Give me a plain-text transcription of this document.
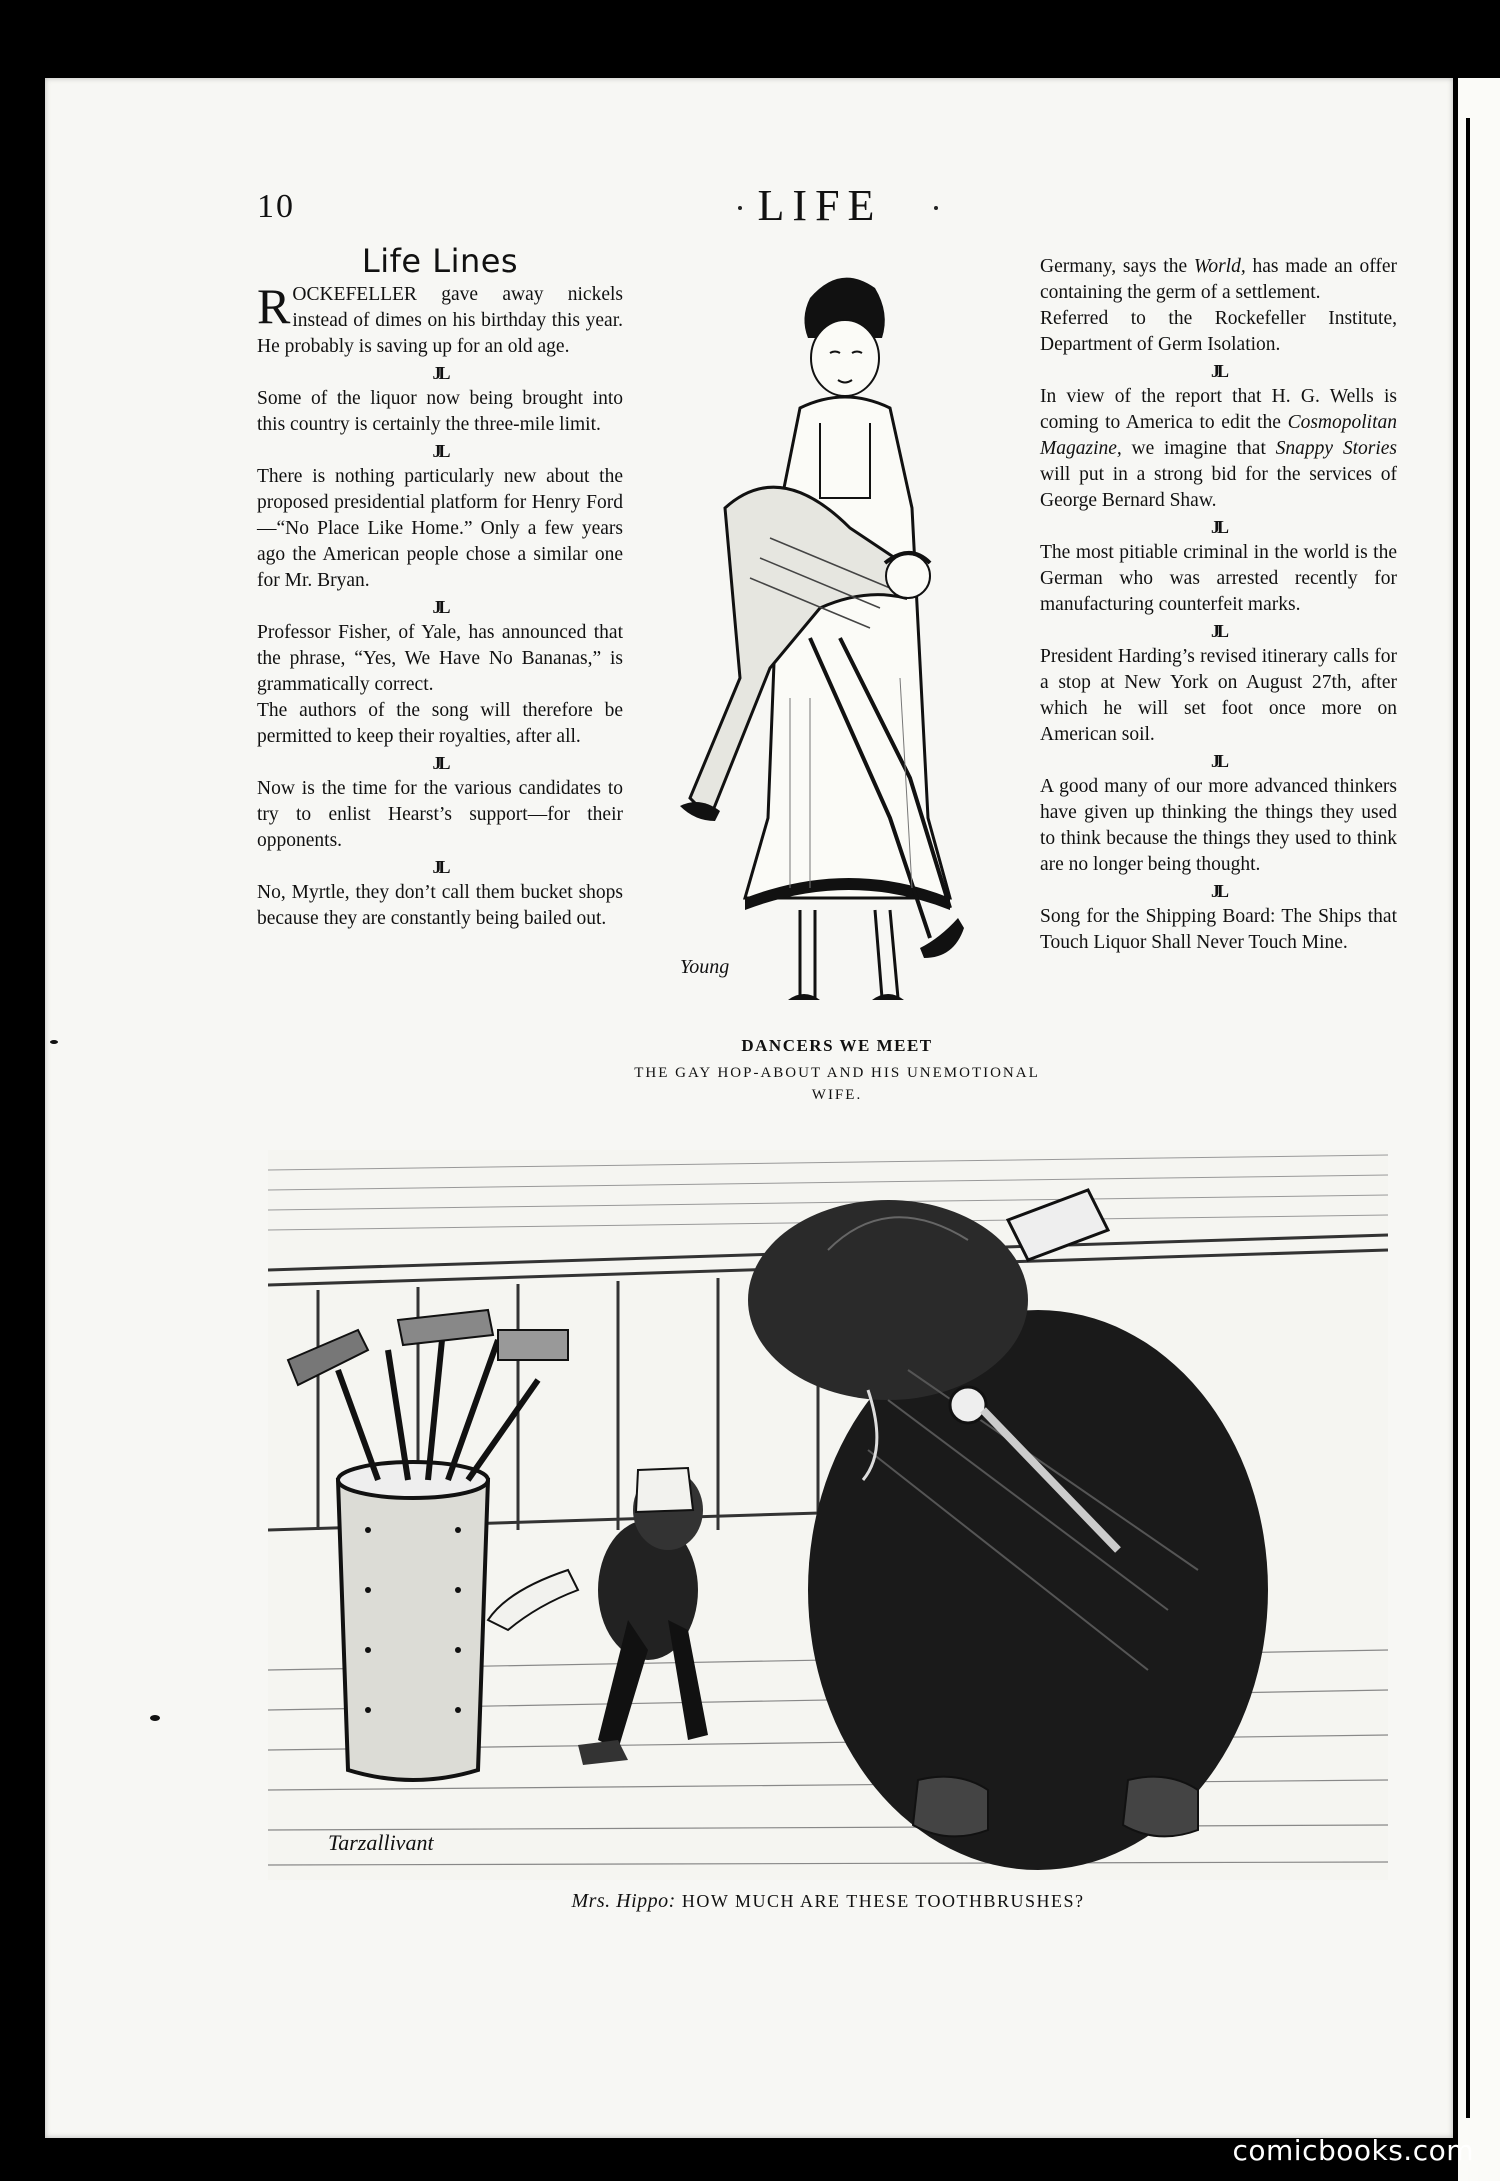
10	LIFE
Life Lines

ROCKEFELLER gave away nickels instead of dimes on his birthday this year. He probably is saving up for an old age.

JL

Some of the liquor now being brought into this country is certainly the three-mile limit.

JL

There is nothing particularly new about the proposed presidential platform for Henry Ford—“No Place Like Home.” Only a few years ago the American people chose a similar one for Mr. Bryan.

JL

Professor Fisher, of Yale, has announced that the phrase, “Yes, We Have No Bananas,” is grammatically correct.

The authors of the song will therefore be permitted to keep their royalties, after all.

JL

Now is the time for the various candidates to try to enlist Hearst’s support—for their opponents.

JL

No, Myrtle, they don’t call them bucket shops because they are constantly being bailed out.

Young
DANCERS WE MEET
THE GAY HOP-ABOUT AND HIS UNEMOTIONAL WIFE.

Germany, says the World, has made an offer containing the germ of a settlement.

Referred to the Rockefeller Institute, Department of Germ Isolation.

JL

In view of the report that H. G. Wells is coming to America to edit the Cosmopolitan Magazine, we imagine that Snappy Stories will put in a strong bid for the services of George Bernard Shaw.

JL

The most pitiable criminal in the world is the German who was arrested recently for manufacturing counterfeit marks.

JL

President Harding’s revised itinerary calls for a stop at New York on August 27th, after which he will set foot once more on American soil.

JL

A good many of our more advanced thinkers have given up thinking the things they used to think because the things they used to think are no longer being thought.

JL

Song for the Shipping Board: The Ships that Touch Liquor Shall Never Touch Mine.

Tarzallivant
Mrs. Hippo: HOW MUCH ARE THESE TOOTHBRUSHES?
comicbooks.com
